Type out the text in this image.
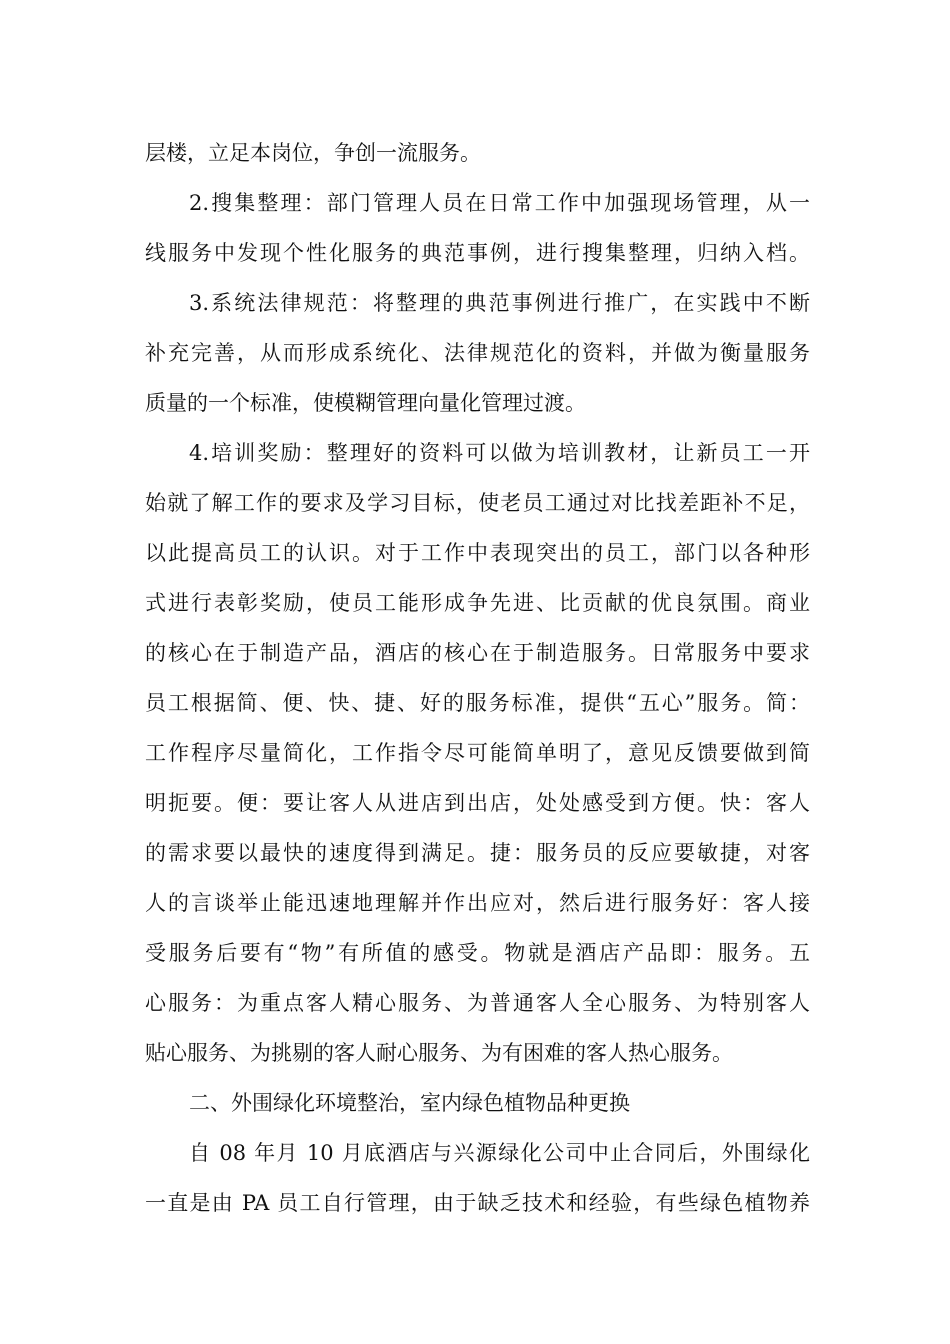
层楼，立足本岗位，争创一流服务。
2.搜集整理：部门管理人员在日常工作中加强现场管理，从一
线服务中发现个性化服务的典范事例，进行搜集整理，归纳入档。
3.系统法律规范：将整理的典范事例进行推广，在实践中不断
补充完善，从而形成系统化、法律规范化的资料，并做为衡量服务
质量的一个标准，使模糊管理向量化管理过渡。
4.培训奖励：整理好的资料可以做为培训教材，让新员工一开
始就了解工作的要求及学习目标，使老员工通过对比找差距补不足，
以此提高员工的认识。对于工作中表现突出的员工，部门以各种形
式进行表彰奖励，使员工能形成争先进、比贡献的优良氛围。商业
的核心在于制造产品，酒店的核心在于制造服务。日常服务中要求
员工根据简、便、快、捷、好的服务标准，提供“五心”服务。简：
工作程序尽量简化，工作指令尽可能简单明了，意见反馈要做到简
明扼要。便：要让客人从进店到出店，处处感受到方便。快：客人
的需求要以最快的速度得到满足。捷：服务员的反应要敏捷，对客
人的言谈举止能迅速地理解并作出应对，然后进行服务好：客人接
受服务后要有“物”有所值的感受。物就是酒店产品即：服务。五
心服务：为重点客人精心服务、为普通客人全心服务、为特别客人
贴心服务、为挑剔的客人耐心服务、为有困难的客人热心服务。
二、外围绿化环境整治，室内绿色植物品种更换
自 08 年月 10 月底酒店与兴源绿化公司中止合同后，外围绿化
一直是由 PA 员工自行管理，由于缺乏技术和经验，有些绿色植物养
